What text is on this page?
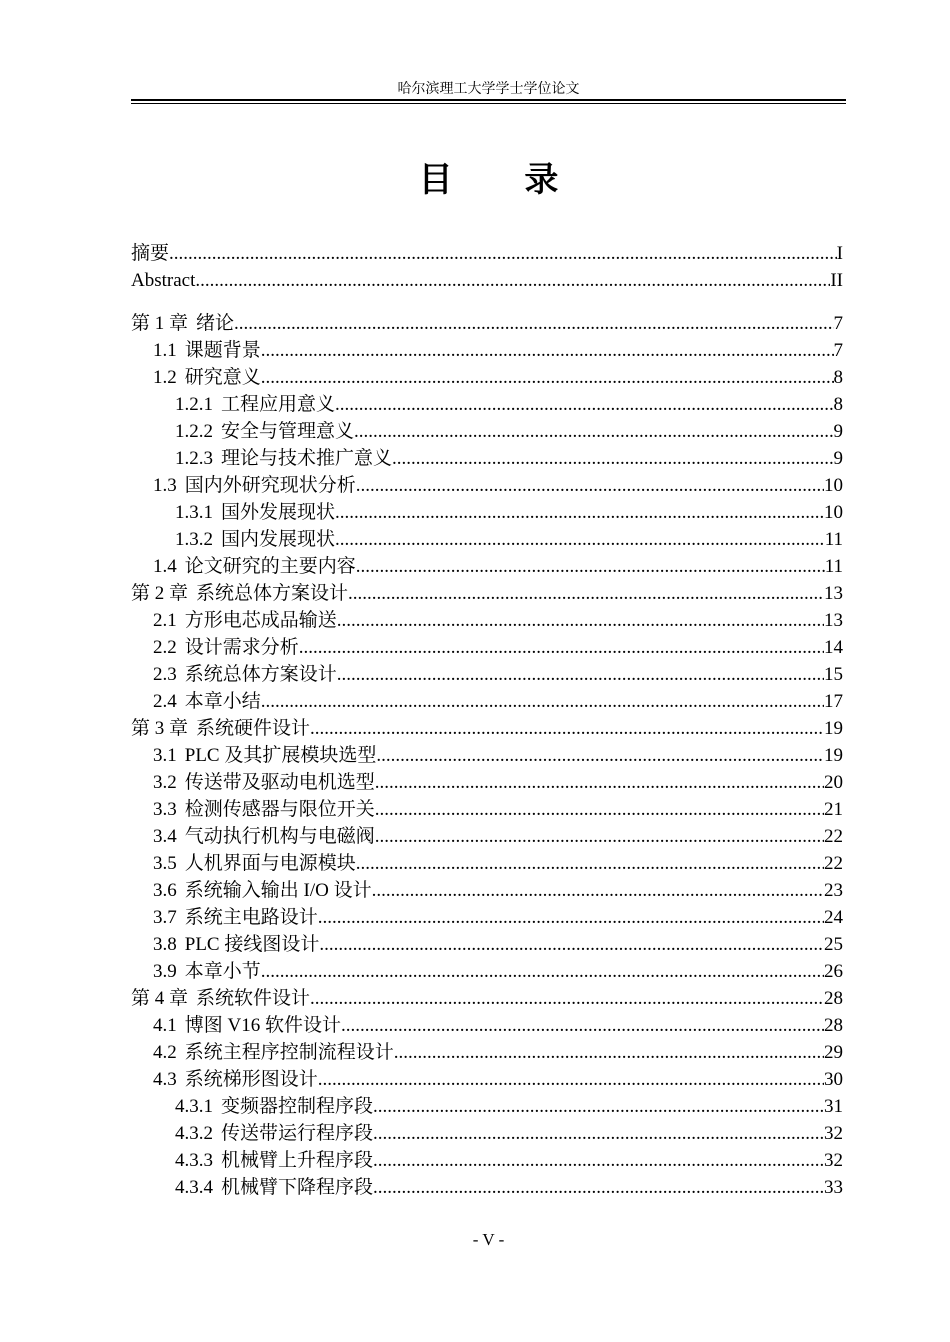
哈尔滨理工大学学士学位论文
目 录
摘要 .....	I
Abstract .....	II
第 1 章 绪论 .....	7
1.1 课题背景 .....	7
1.2 研究意义 .....	8
1.2.1 工程应用意义 .....	8
1.2.2 安全与管理意义 .....	9
1.2.3 理论与技术推广意义 .....	9
1.3 国内外研究现状分析 .....	10
1.3.1 国外发展现状 .....	10
1.3.2 国内发展现状 .....	11
1.4 论文研究的主要内容 .....	11
第 2 章 系统总体方案设计 .....	13
2.1 方形电芯成品输送 .....	13
2.2 设计需求分析 .....	14
2.3 系统总体方案设计 .....	15
2.4 本章小结 .....	17
第 3 章 系统硬件设计 .....	19
3.1 PLC 及其扩展模块选型 .....	19
3.2 传送带及驱动电机选型 .....	20
3.3 检测传感器与限位开关 .....	21
3.4 气动执行机构与电磁阀 .....	22
3.5 人机界面与电源模块 .....	22
3.6 系统输入输出 I/O 设计 .....	23
3.7 系统主电路设计 .....	24
3.8 PLC 接线图设计 .....	25
3.9 本章小节 .....	26
第 4 章 系统软件设计 .....	28
4.1 博图 V16 软件设计 .....	28
4.2 系统主程序控制流程设计 .....	29
4.3 系统梯形图设计 .....	30
4.3.1 变频器控制程序段 .....	31
4.3.2 传送带运行程序段 .....	32
4.3.3 机械臂上升程序段 .....	32
4.3.4 机械臂下降程序段 .....	33
- V -
